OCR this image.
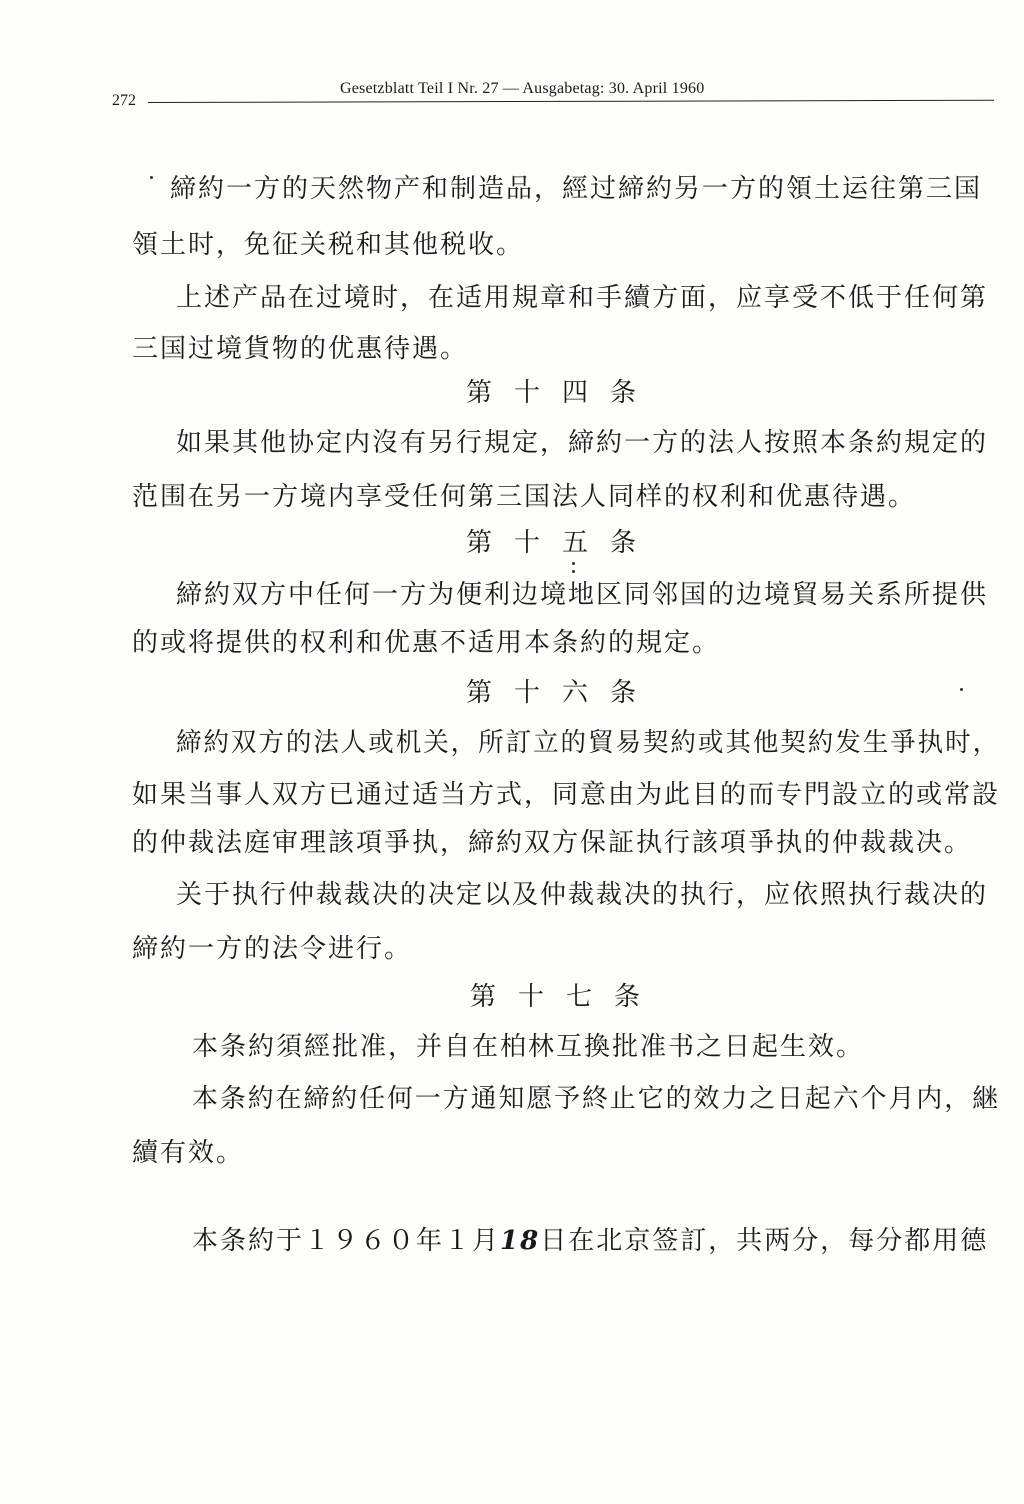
272
Gesetzblatt Teil I Nr. 27 — Ausgabetag: 30. April 1960
締約一方的天然物产和制造品，經过締約另一方的領土运往第三国
領土时，免征关税和其他税收。
上述产品在过境时，在适用規章和手續方面，应享受不低于任何第
三国过境貨物的优惠待遇。
第十四条
如果其他协定内沒有另行規定，締約一方的法人按照本条約規定的
范围在另一方境内享受任何第三国法人同样的权利和优惠待遇。
第十五条
締約双方中任何一方为便利边境地区同邻国的边境貿易关系所提供
的或将提供的权利和优惠不适用本条約的規定。
第十六条
締約双方的法人或机关，所訂立的貿易契約或其他契約发生爭执时，
如果当事人双方已通过适当方式，同意由为此目的而专門設立的或常設
的仲裁法庭审理該項爭执，締約双方保証执行該項爭执的仲裁裁决。
关于执行仲裁裁决的决定以及仲裁裁决的执行，应依照执行裁决的
締約一方的法令进行。
第十七条
本条約須經批准，并自在柏林互換批准书之日起生效。
本条約在締約任何一方通知愿予終止它的效力之日起六个月内，継
續有效。
本条約于１９６０年１月18日在北京签訂，共两分，每分都用德
